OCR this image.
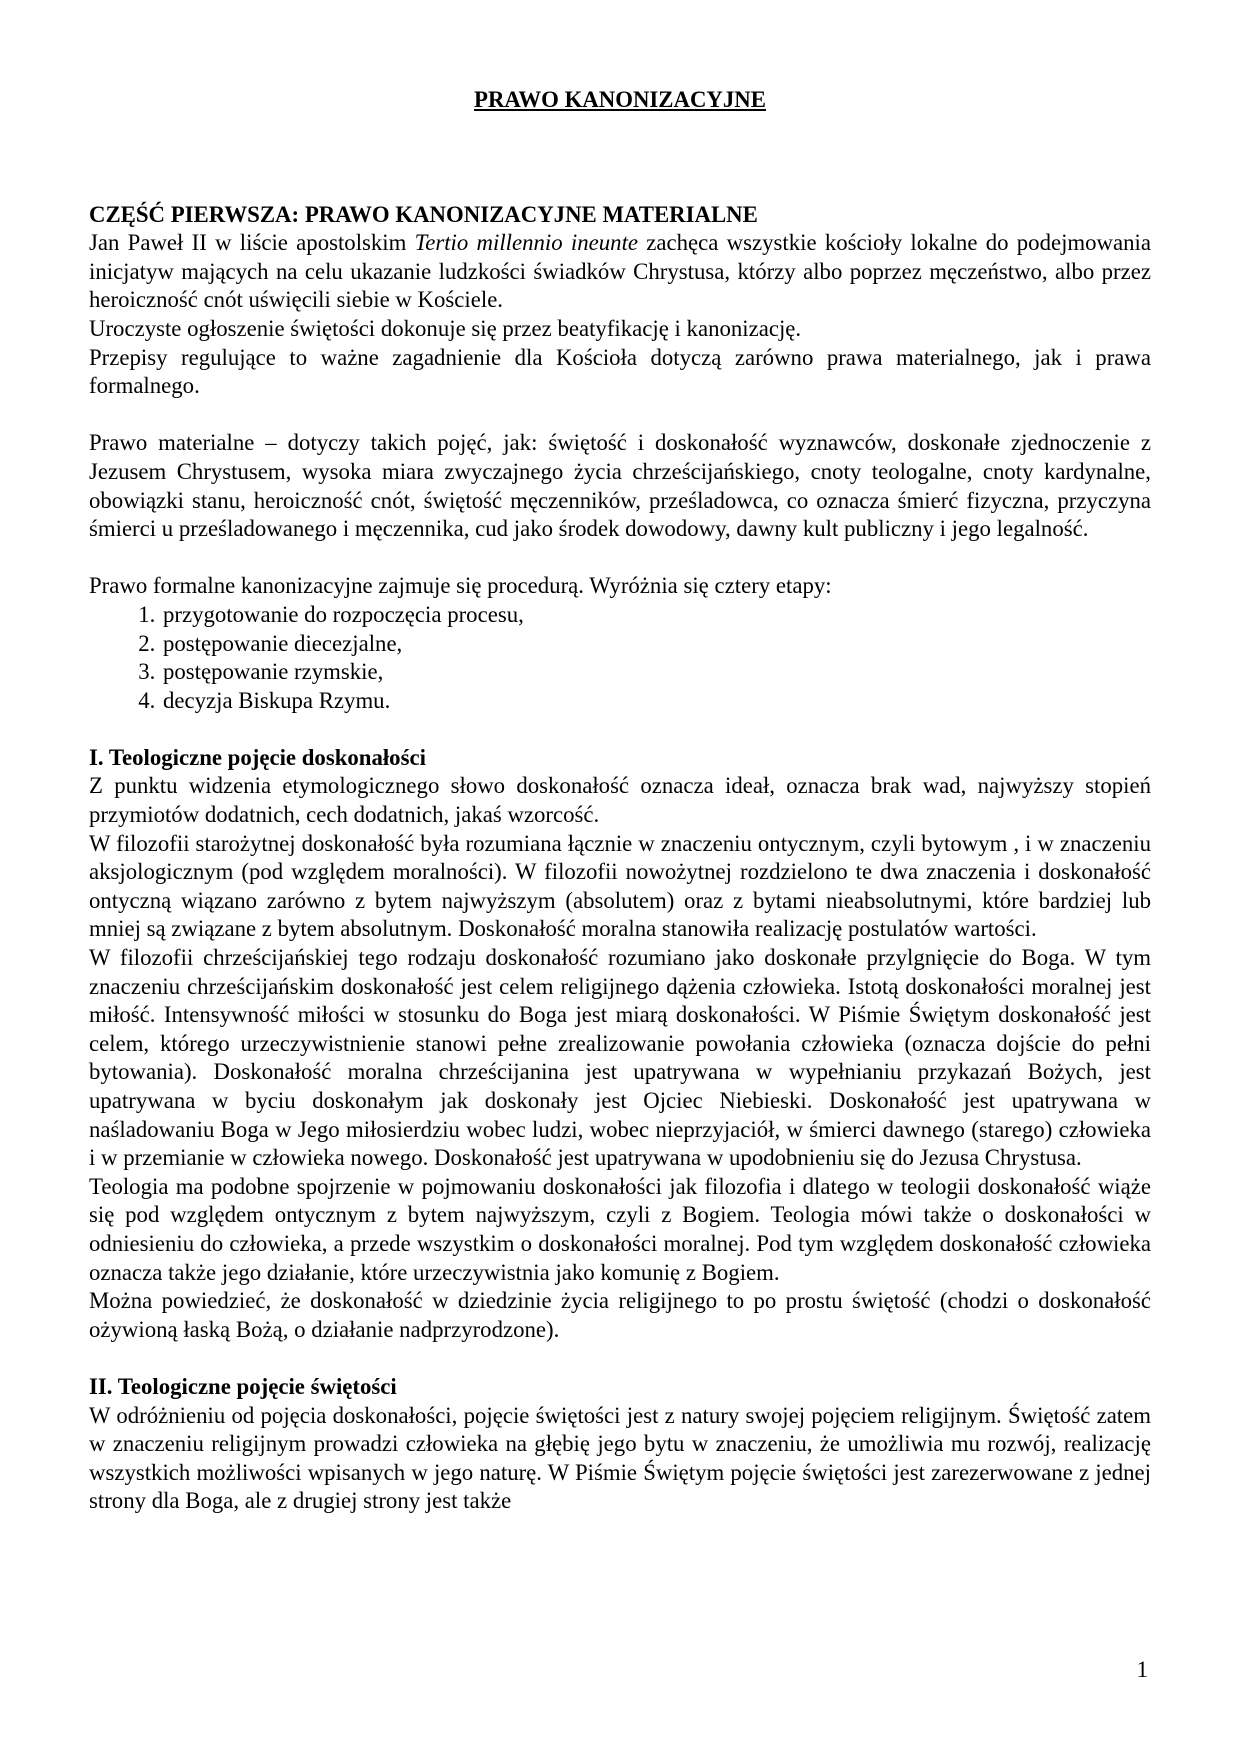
PRAWO KANONIZACYJNE

CZĘŚĆ PIERWSZA: PRAWO KANONIZACYJNE MATERIALNE

Jan Paweł II w liście apostolskim Tertio millennio ineunte zachęca wszystkie kościoły lokalne do podejmowania inicjatyw mających na celu ukazanie ludzkości świadków Chrystusa, którzy albo poprzez męczeństwo, albo przez heroiczność cnót uświęcili siebie w Kościele.

Uroczyste ogłoszenie świętości dokonuje się przez beatyfikację i kanonizację.

Przepisy regulujące to ważne zagadnienie dla Kościoła dotyczą zarówno prawa materialnego, jak i prawa formalnego.

Prawo materialne – dotyczy takich pojęć, jak: świętość i doskonałość wyznawców, doskonałe zjednoczenie z Jezusem Chrystusem, wysoka miara zwyczajnego życia chrześcijańskiego, cnoty teologalne, cnoty kardynalne, obowiązki stanu, heroiczność cnót, świętość męczenników, prześladowca, co oznacza śmierć fizyczna, przyczyna śmierci u prześladowanego i męczennika, cud jako środek dowodowy, dawny kult publiczny i jego legalność.

Prawo formalne kanonizacyjne zajmuje się procedurą. Wyróżnia się cztery etapy:

1. przygotowanie do rozpoczęcia procesu,
2. postępowanie diecezjalne,
3. postępowanie rzymskie,
4. decyzja Biskupa Rzymu.

I. Teologiczne pojęcie doskonałości

Z punktu widzenia etymologicznego słowo doskonałość oznacza ideał, oznacza brak wad, najwyższy stopień przymiotów dodatnich, cech dodatnich, jakaś wzorcość.

W filozofii starożytnej doskonałość była rozumiana łącznie w znaczeniu ontycznym, czyli bytowym , i w znaczeniu aksjologicznym (pod względem moralności). W filozofii nowożytnej rozdzielono te dwa znaczenia i doskonałość ontyczną wiązano zarówno z bytem najwyższym (absolutem) oraz z bytami nieabsolutnymi, które bardziej lub mniej są związane z bytem absolutnym. Doskonałość moralna stanowiła realizację postulatów wartości.

W filozofii chrześcijańskiej tego rodzaju doskonałość rozumiano jako doskonałe przylgnięcie do Boga. W tym znaczeniu chrześcijańskim doskonałość jest celem religijnego dążenia człowieka. Istotą doskonałości moralnej jest miłość. Intensywność miłości w stosunku do Boga jest miarą doskonałości. W Piśmie Świętym doskonałość jest celem, którego urzeczywistnienie stanowi pełne zrealizowanie powołania człowieka (oznacza dojście do pełni bytowania). Doskonałość moralna chrześcijanina jest upatrywana w wypełnianiu przykazań Bożych, jest upatrywana w byciu doskonałym jak doskonały jest Ojciec Niebieski. Doskonałość jest upatrywana w naśladowaniu Boga w Jego miłosierdziu wobec ludzi, wobec nieprzyjaciół, w śmierci dawnego (starego) człowieka i w przemianie w człowieka nowego. Doskonałość jest upatrywana w upodobnieniu się do Jezusa Chrystusa.

Teologia ma podobne spojrzenie w pojmowaniu doskonałości jak filozofia i dlatego w teologii doskonałość wiąże się pod względem ontycznym z bytem najwyższym, czyli z Bogiem. Teologia mówi także o doskonałości w odniesieniu do człowieka, a przede wszystkim o doskonałości moralnej. Pod tym względem doskonałość człowieka oznacza także jego działanie, które urzeczywistnia jako komunię z Bogiem.

Można powiedzieć, że doskonałość w dziedzinie życia religijnego to po prostu świętość (chodzi o doskonałość ożywioną łaską Bożą, o działanie nadprzyrodzone).

II. Teologiczne pojęcie świętości

W odróżnieniu od pojęcia doskonałości, pojęcie świętości jest z natury swojej pojęciem religijnym. Świętość zatem w znaczeniu religijnym prowadzi człowieka na głębię jego bytu w znaczeniu, że umożliwia mu rozwój, realizację wszystkich możliwości wpisanych w jego naturę. W Piśmie Świętym pojęcie świętości jest zarezerwowane z jednej strony dla Boga, ale z drugiej strony jest także

1
